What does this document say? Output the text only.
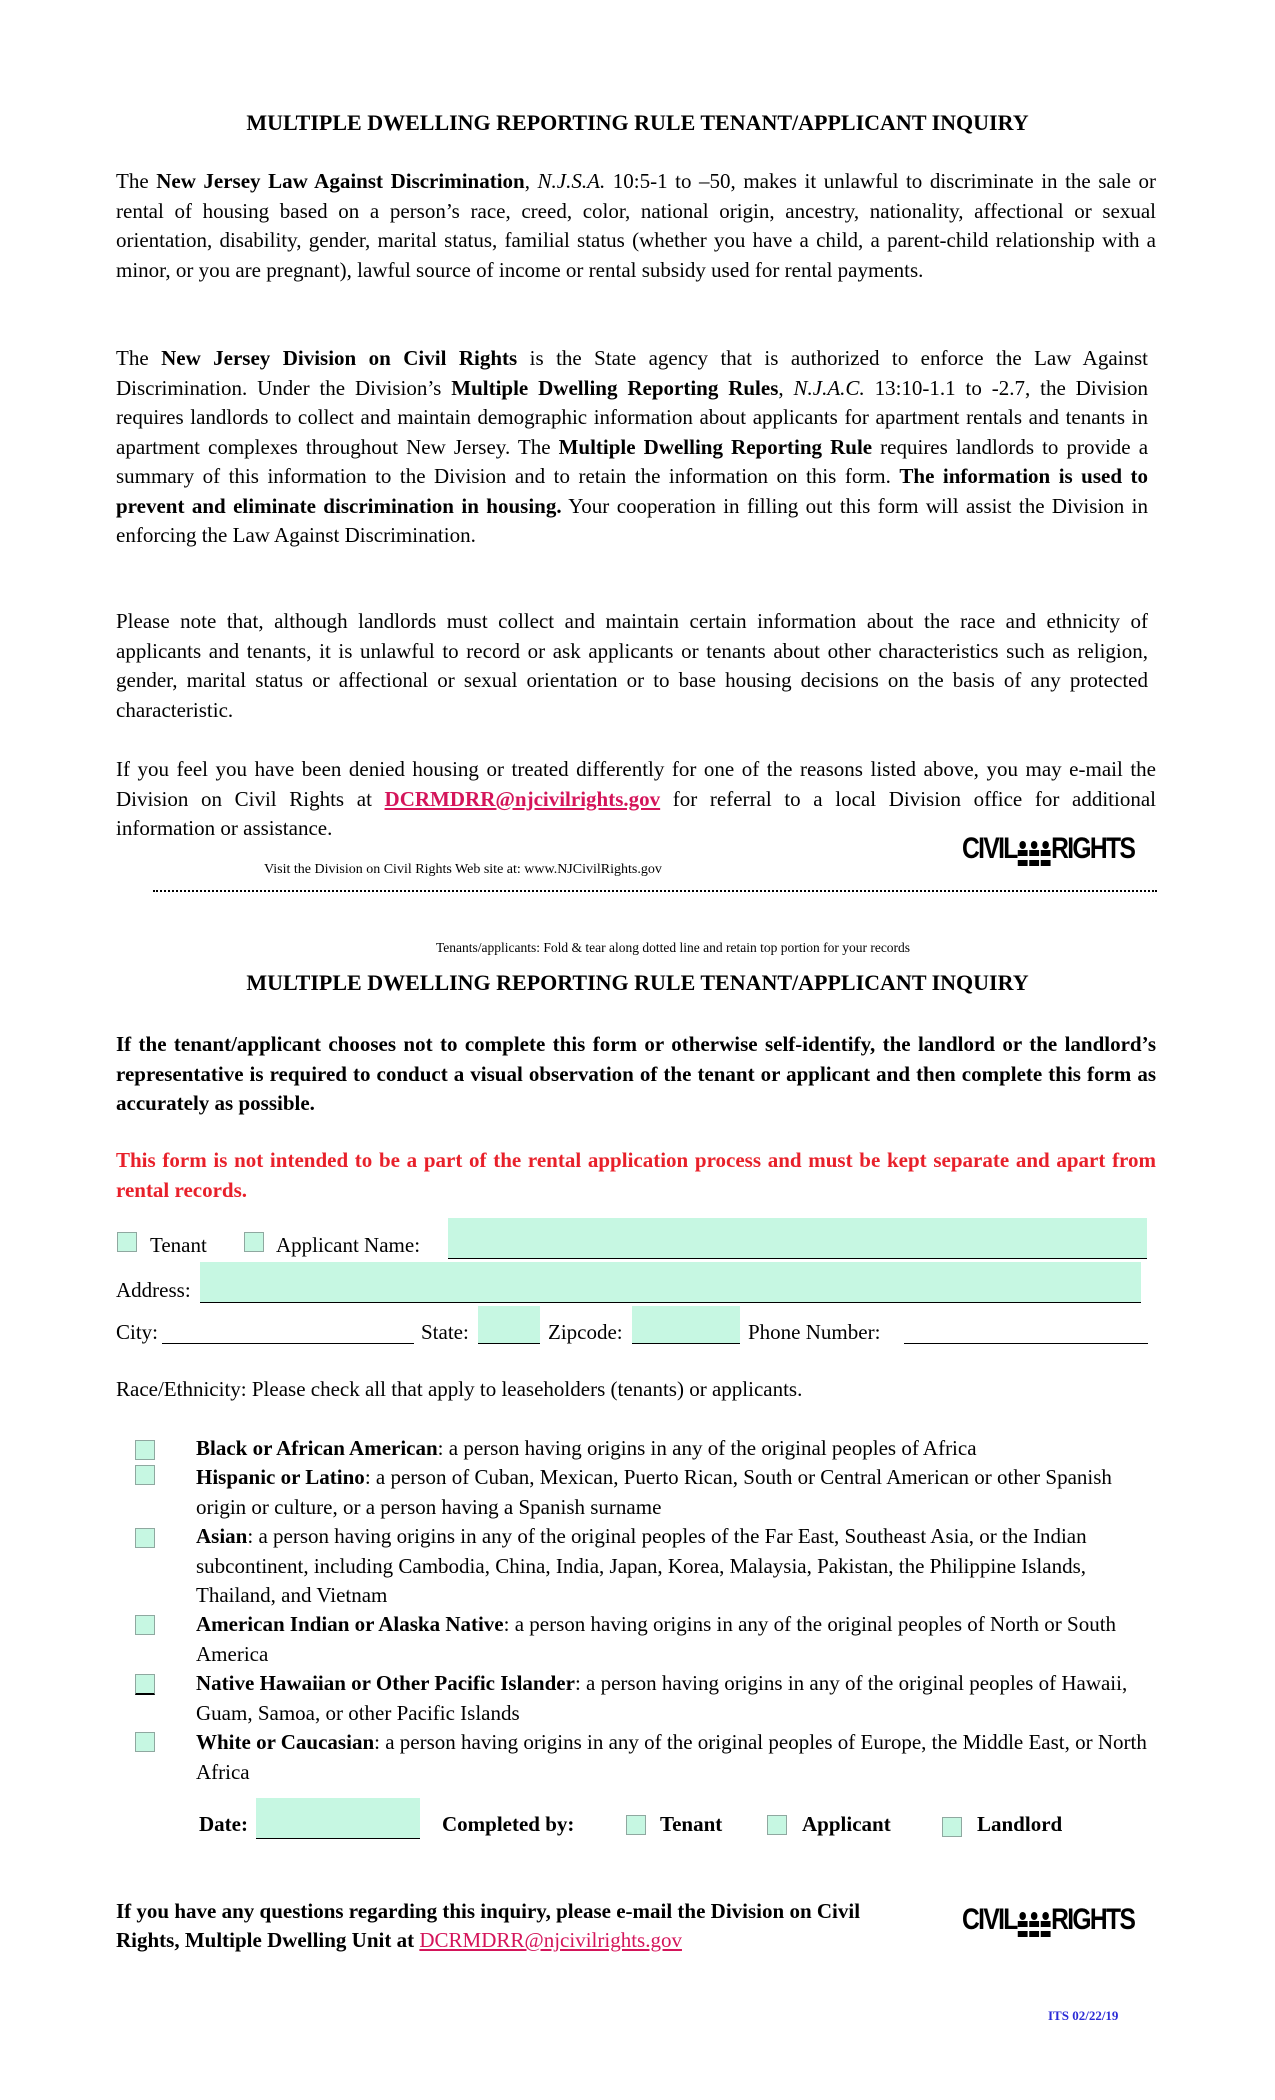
MULTIPLE DWELLING REPORTING RULE TENANT/APPLICANT INQUIRY
The New Jersey Law Against Discrimination, N.J.S.A. 10:5-1 to –50, makes it unlawful to discriminate in the sale or rental of housing based on a person’s race, creed, color, national origin, ancestry, nationality, affectional or sexual orientation, disability, gender, marital status, familial status (whether you have a child, a parent-child relationship with a minor, or you are pregnant), lawful source of income or rental subsidy used for rental payments.
The New Jersey Division on Civil Rights is the State agency that is authorized to enforce the Law Against Discrimination. Under the Division’s Multiple Dwelling Reporting Rules, N.J.A.C. 13:10-1.1 to -2.7, the Division requires landlords to collect and maintain demographic information about applicants for apartment rentals and tenants in apartment complexes throughout New Jersey. The Multiple Dwelling Reporting Rule requires landlords to provide a summary of this information to the Division and to retain the information on this form. The information is used to prevent and eliminate discrimination in housing. Your cooperation in filling out this form will assist the Division in enforcing the Law Against Discrimination.
Please note that, although landlords must collect and maintain certain information about the race and ethnicity of applicants and tenants, it is unlawful to record or ask applicants or tenants about other characteristics such as religion, gender, marital status or affectional or sexual orientation or to base housing decisions on the basis of any protected characteristic.
If you feel you have been denied housing or treated differently for one of the reasons listed above, you may e-mail the Division on Civil Rights at DCRMDRR@njcivilrights.gov for referral to a local Division office for additional information or assistance.
Visit the Division on Civil Rights Web site at: www.NJCivilRights.gov
CIVIL RIGHTS
Tenants/applicants: Fold & tear along dotted line and retain top portion for your records
MULTIPLE DWELLING REPORTING RULE TENANT/APPLICANT INQUIRY
If the tenant/applicant chooses not to complete this form or otherwise self-identify, the landlord or the landlord’s representative is required to conduct a visual observation of the tenant or applicant and then complete this form as accurately as possible.
This form is not intended to be a part of the rental application process and must be kept separate and apart from rental records.
Tenant	Applicant Name:
Address:
City:	State:	Zipcode:	Phone Number:
Race/Ethnicity: Please check all that apply to leaseholders (tenants) or applicants.
Black or African American: a person having origins in any of the original peoples of Africa
Hispanic or Latino: a person of Cuban, Mexican, Puerto Rican, South or Central American or other Spanish origin or culture, or a person having a Spanish surname
Asian: a person having origins in any of the original peoples of the Far East, Southeast Asia, or the Indian subcontinent, including Cambodia, China, India, Japan, Korea, Malaysia, Pakistan, the Philippine Islands, Thailand, and Vietnam
American Indian or Alaska Native: a person having origins in any of the original peoples of North or South America
Native Hawaiian or Other Pacific Islander: a person having origins in any of the original peoples of Hawaii, Guam, Samoa, or other Pacific Islands
White or Caucasian: a person having origins in any of the original peoples of Europe, the Middle East, or North Africa
Date:	Completed by:	Tenant	Applicant	Landlord
If you have any questions regarding this inquiry, please e-mail the Division on Civil Rights, Multiple Dwelling Unit at DCRMDRR@njcivilrights.gov
CIVIL RIGHTS
ITS 02/22/19
